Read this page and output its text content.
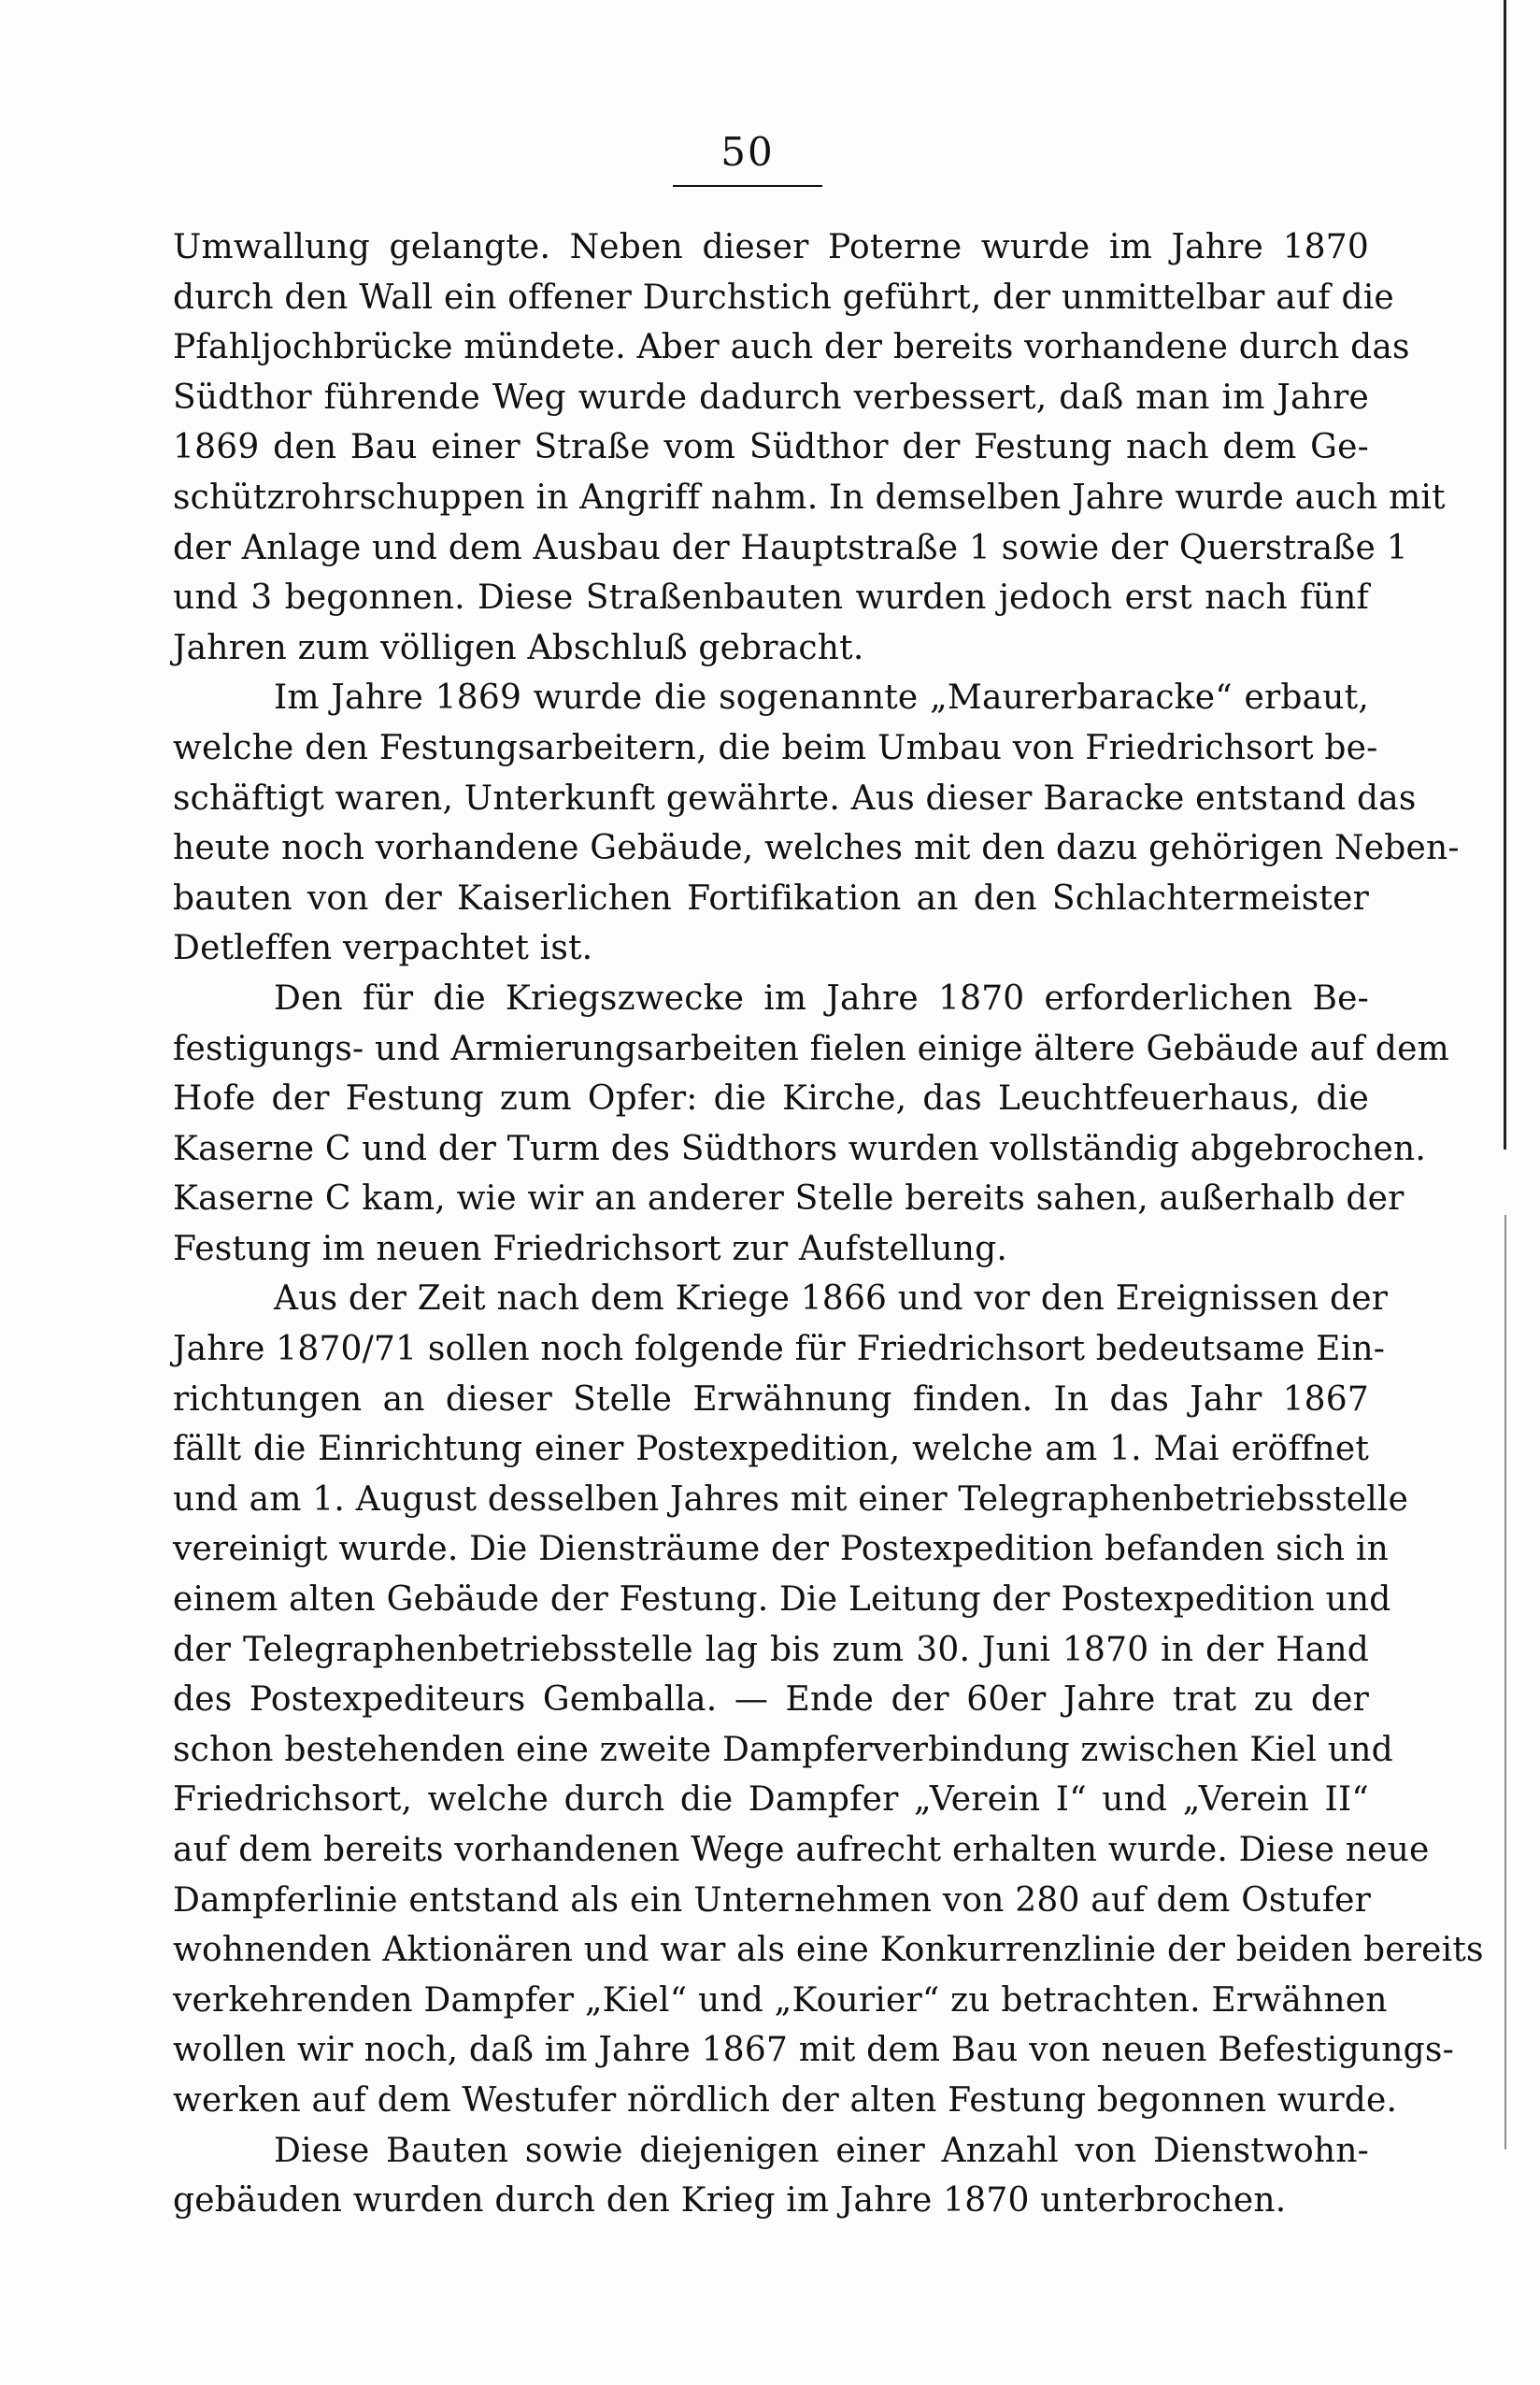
50
Umwallung gelangte. Neben dieser Poterne wurde im Jahre 1870
durch den Wall ein offener Durchstich geführt, der unmittelbar auf die
Pfahljochbrücke mündete. Aber auch der bereits vorhandene durch das
Südthor führende Weg wurde dadurch verbessert, daß man im Jahre
1869 den Bau einer Straße vom Südthor der Festung nach dem Ge-
schützrohrschuppen in Angriff nahm. In demselben Jahre wurde auch mit
der Anlage und dem Ausbau der Hauptstraße 1 sowie der Querstraße 1
und 3 begonnen. Diese Straßenbauten wurden jedoch erst nach fünf
Jahren zum völligen Abschluß gebracht.
Im Jahre 1869 wurde die sogenannte „Maurerbaracke“ erbaut,
welche den Festungsarbeitern, die beim Umbau von Friedrichsort be-
schäftigt waren, Unterkunft gewährte. Aus dieser Baracke entstand das
heute noch vorhandene Gebäude, welches mit den dazu gehörigen Neben-
bauten von der Kaiserlichen Fortifikation an den Schlachtermeister
Detleffen verpachtet ist.
Den für die Kriegszwecke im Jahre 1870 erforderlichen Be-
festigungs- und Armierungsarbeiten fielen einige ältere Gebäude auf dem
Hofe der Festung zum Opfer: die Kirche, das Leuchtfeuerhaus, die
Kaserne C und der Turm des Südthors wurden vollständig abgebrochen.
Kaserne C kam, wie wir an anderer Stelle bereits sahen, außerhalb der
Festung im neuen Friedrichsort zur Aufstellung.
Aus der Zeit nach dem Kriege 1866 und vor den Ereignissen der
Jahre 1870/71 sollen noch folgende für Friedrichsort bedeutsame Ein-
richtungen an dieser Stelle Erwähnung finden. In das Jahr 1867
fällt die Einrichtung einer Postexpedition, welche am 1. Mai eröffnet
und am 1. August desselben Jahres mit einer Telegraphenbetriebsstelle
vereinigt wurde. Die Diensträume der Postexpedition befanden sich in
einem alten Gebäude der Festung. Die Leitung der Postexpedition und
der Telegraphenbetriebsstelle lag bis zum 30. Juni 1870 in der Hand
des Postexpediteurs Gemballa. — Ende der 60er Jahre trat zu der
schon bestehenden eine zweite Dampferverbindung zwischen Kiel und
Friedrichsort, welche durch die Dampfer „Verein I“ und „Verein II“
auf dem bereits vorhandenen Wege aufrecht erhalten wurde. Diese neue
Dampferlinie entstand als ein Unternehmen von 280 auf dem Ostufer
wohnenden Aktionären und war als eine Konkurrenzlinie der beiden bereits
verkehrenden Dampfer „Kiel“ und „Kourier“ zu betrachten. Erwähnen
wollen wir noch, daß im Jahre 1867 mit dem Bau von neuen Befestigungs-
werken auf dem Westufer nördlich der alten Festung begonnen wurde.
Diese Bauten sowie diejenigen einer Anzahl von Dienstwohn-
gebäuden wurden durch den Krieg im Jahre 1870 unterbrochen.
